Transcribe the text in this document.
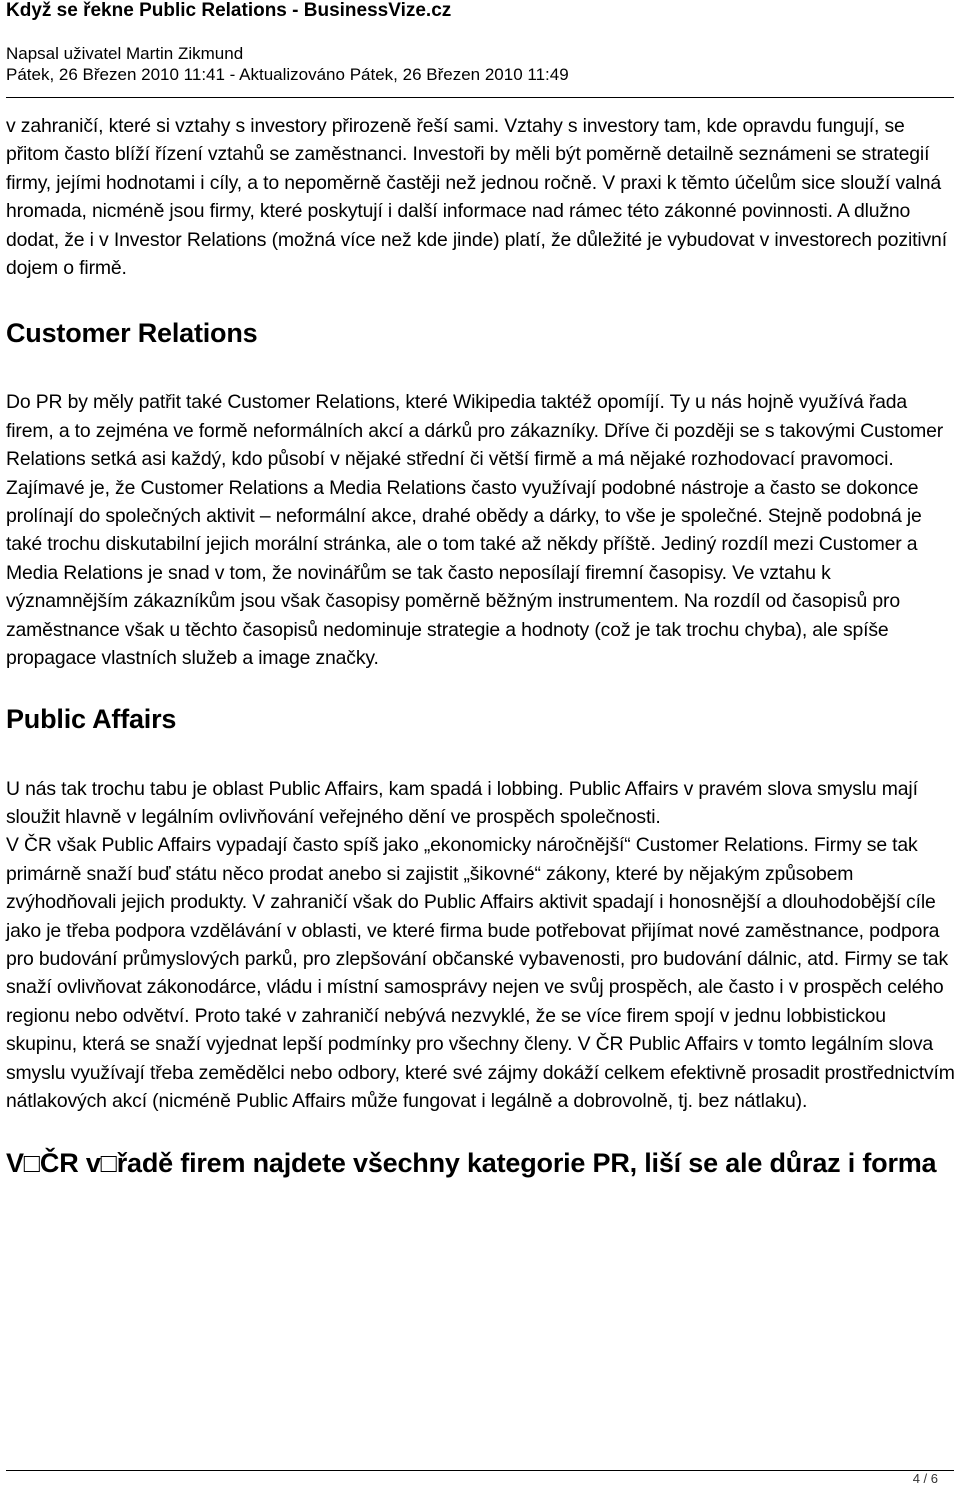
Když se řekne Public Relations - BusinessVize.cz
Napsal uživatel Martin Zikmund
Pátek, 26 Březen 2010 11:41 - Aktualizováno Pátek, 26 Březen 2010 11:49

v zahraničí, které si vztahy s investory přirozeně řeší sami. Vztahy s investory tam, kde opravdu fungují, se přitom často blíží řízení vztahů se zaměstnanci. Investoři by měli být poměrně detailně seznámeni se strategií firmy, jejími hodnotami i cíly, a to nepoměrně častěji než jednou ročně. V praxi k těmto účelům sice slouží valná hromada, nicméně jsou firmy, které poskytují i další informace nad rámec této zákonné povinnosti. A dlužno dodat, že i v Investor Relations (možná více než kde jinde) platí, že důležité je vybudovat v investorech pozitivní dojem o firmě.

Customer Relations

Do PR by měly patřit také Customer Relations, které Wikipedia taktéž opomíjí. Ty u nás hojně využívá řada firem, a to zejména ve formě neformálních akcí a dárků pro zákazníky. Dříve či později se s takovými Customer Relations setká asi každý, kdo působí v nějaké střední či větší firmě a má nějaké rozhodovací pravomoci. Zajímavé je, že Customer Relations a Media Relations často využívají podobné nástroje a často se dokonce prolínají do společných aktivit – neformální akce, drahé obědy a dárky, to vše je společné. Stejně podobná je také trochu diskutabilní jejich morální stránka, ale o tom také až někdy příště. Jediný rozdíl mezi Customer a Media Relations je snad v tom, že novinářům se tak často neposílají firemní časopisy. Ve vztahu k významnějším zákazníkům jsou však časopisy poměrně běžným instrumentem. Na rozdíl od časopisů pro zaměstnance však u těchto časopisů nedominuje strategie a hodnoty (což je tak trochu chyba), ale spíše propagace vlastních služeb a image značky.

Public Affairs

U nás tak trochu tabu je oblast Public Affairs, kam spadá i lobbing. Public Affairs v pravém slova smyslu mají sloužit hlavně v legálním ovlivňování veřejného dění ve prospěch společnosti.

V ČR však Public Affairs vypadají často spíš jako „ekonomicky náročnější“ Customer Relations. Firmy se tak primárně snaží buď státu něco prodat anebo si zajistit „šikovné“ zákony, které by nějakým způsobem zvýhodňovali jejich produkty. V zahraničí však do Public Affairs aktivit spadají i honosnější a dlouhodobější cíle jako je třeba podpora vzdělávání v oblasti, ve které firma bude potřebovat přijímat nové zaměstnance, podpora pro budování průmyslových parků, pro zlepšování občanské vybavenosti, pro budování dálnic, atd. Firmy se tak snaží ovlivňovat zákonodárce, vládu i místní samosprávy nejen ve svůj prospěch, ale často i v prospěch celého regionu nebo odvětví. Proto také v zahraničí nebývá nezvyklé, že se více firem spojí v jednu lobbistickou skupinu, která se snaží vyjednat lepší podmínky pro všechny členy. V ČR Public Affairs v tomto legálním slova smyslu využívají třeba zemědělci nebo odbory, které své zájmy dokáží celkem efektivně prosadit prostřednictvím nátlakových akcí (nicméně Public Affairs může fungovat i legálně a dobrovolně, tj. bez nátlaku).

V□ČR v□řadě firem najdete všechny kategorie PR, liší se ale důraz i forma
4 / 6
